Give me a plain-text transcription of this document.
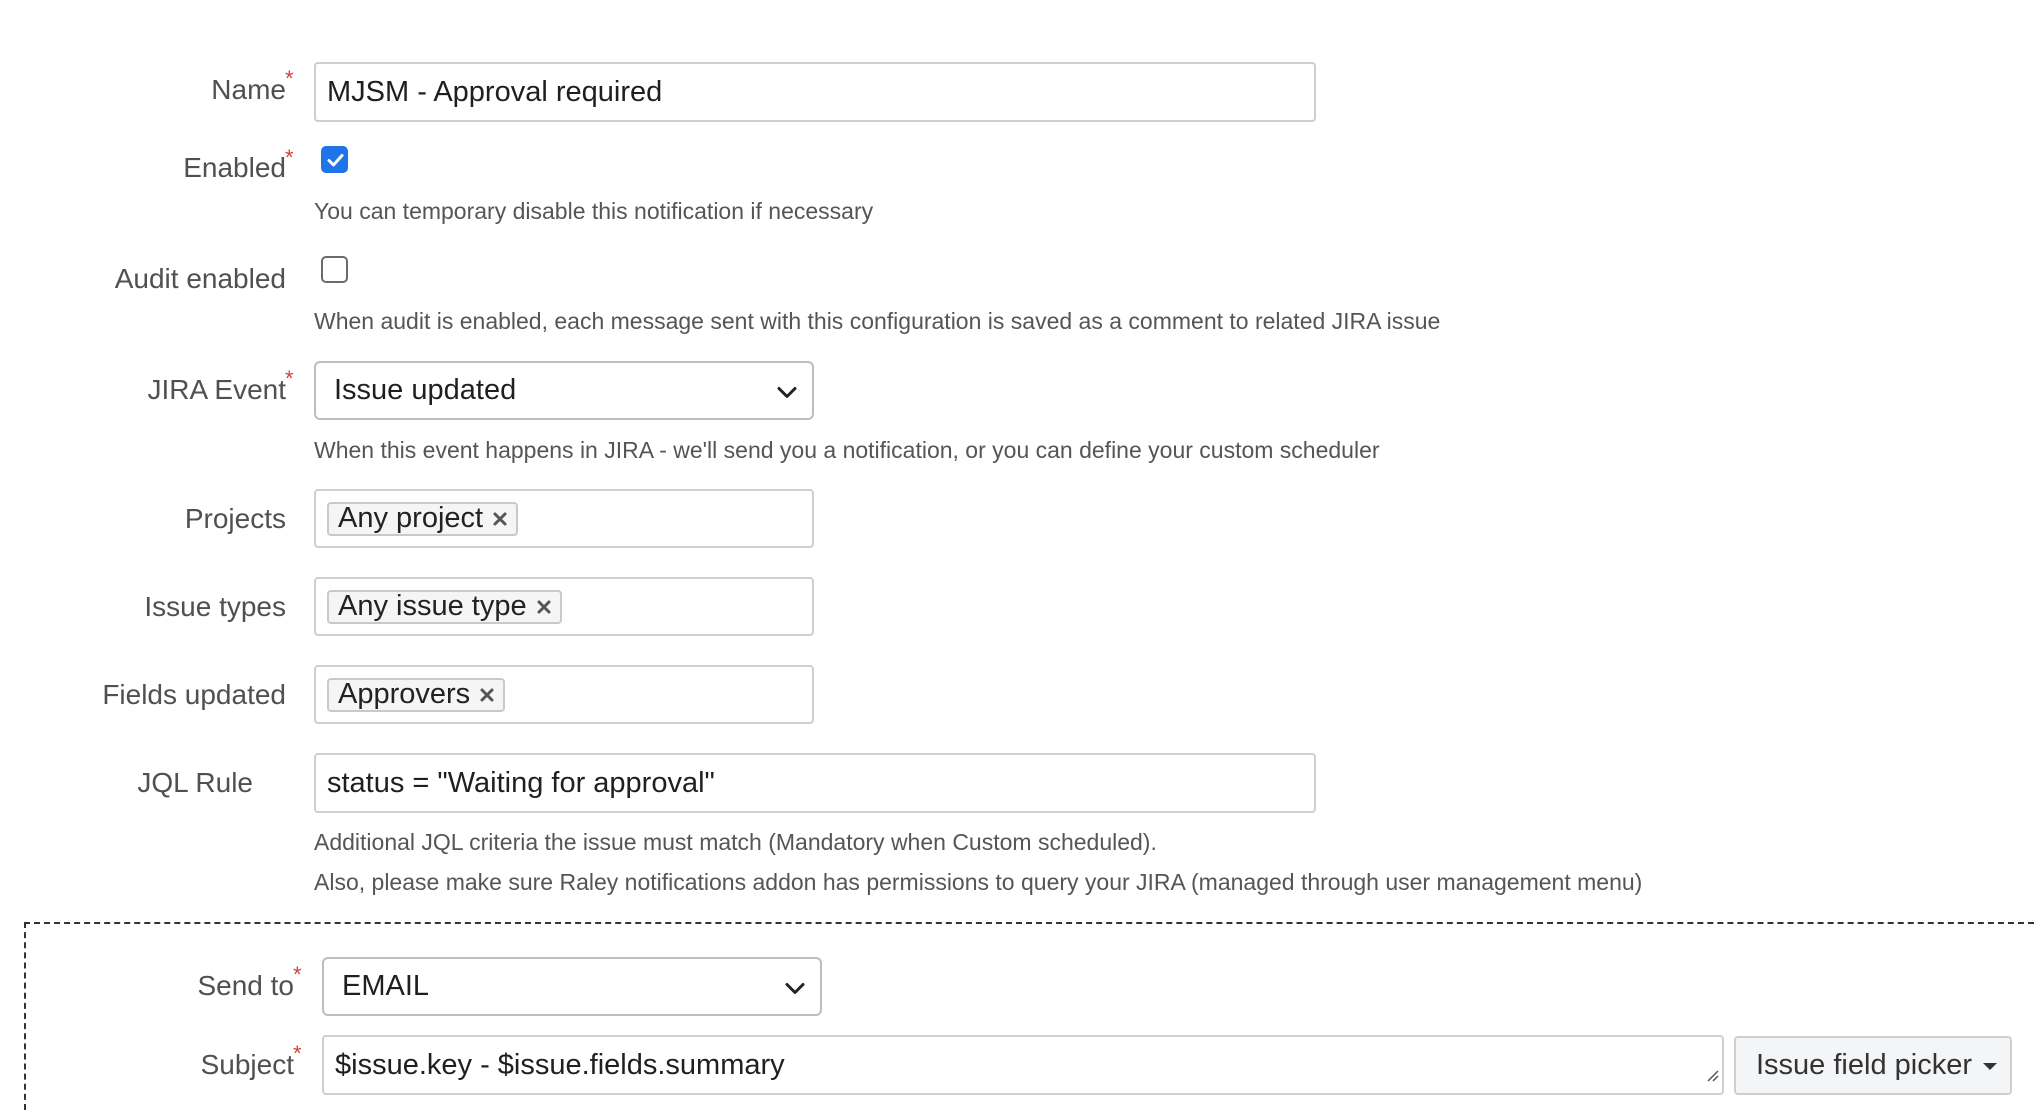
Name * MJSM - Approval required
Enabled *
You can temporary disable this notification if necessary
Audit enabled
When audit is enabled, each message sent with this configuration is saved as a comment to related JIRA issue
JIRA Event * Issue updated
When this event happens in JIRA - we'll send you a notification, or you can define your custom scheduler
Projects Any project
Issue types Any issue type
Fields updated Approvers
JQL Rule	status = "Waiting for approval"
Additional JQL criteria the issue must match (Mandatory when Custom scheduled).
Also, please make sure Raley notifications addon has permissions to query your JIRA (managed through user management menu)
Send to * EMAIL
Subject * $issue.key - $issue.fields.summary	Issue field picker
